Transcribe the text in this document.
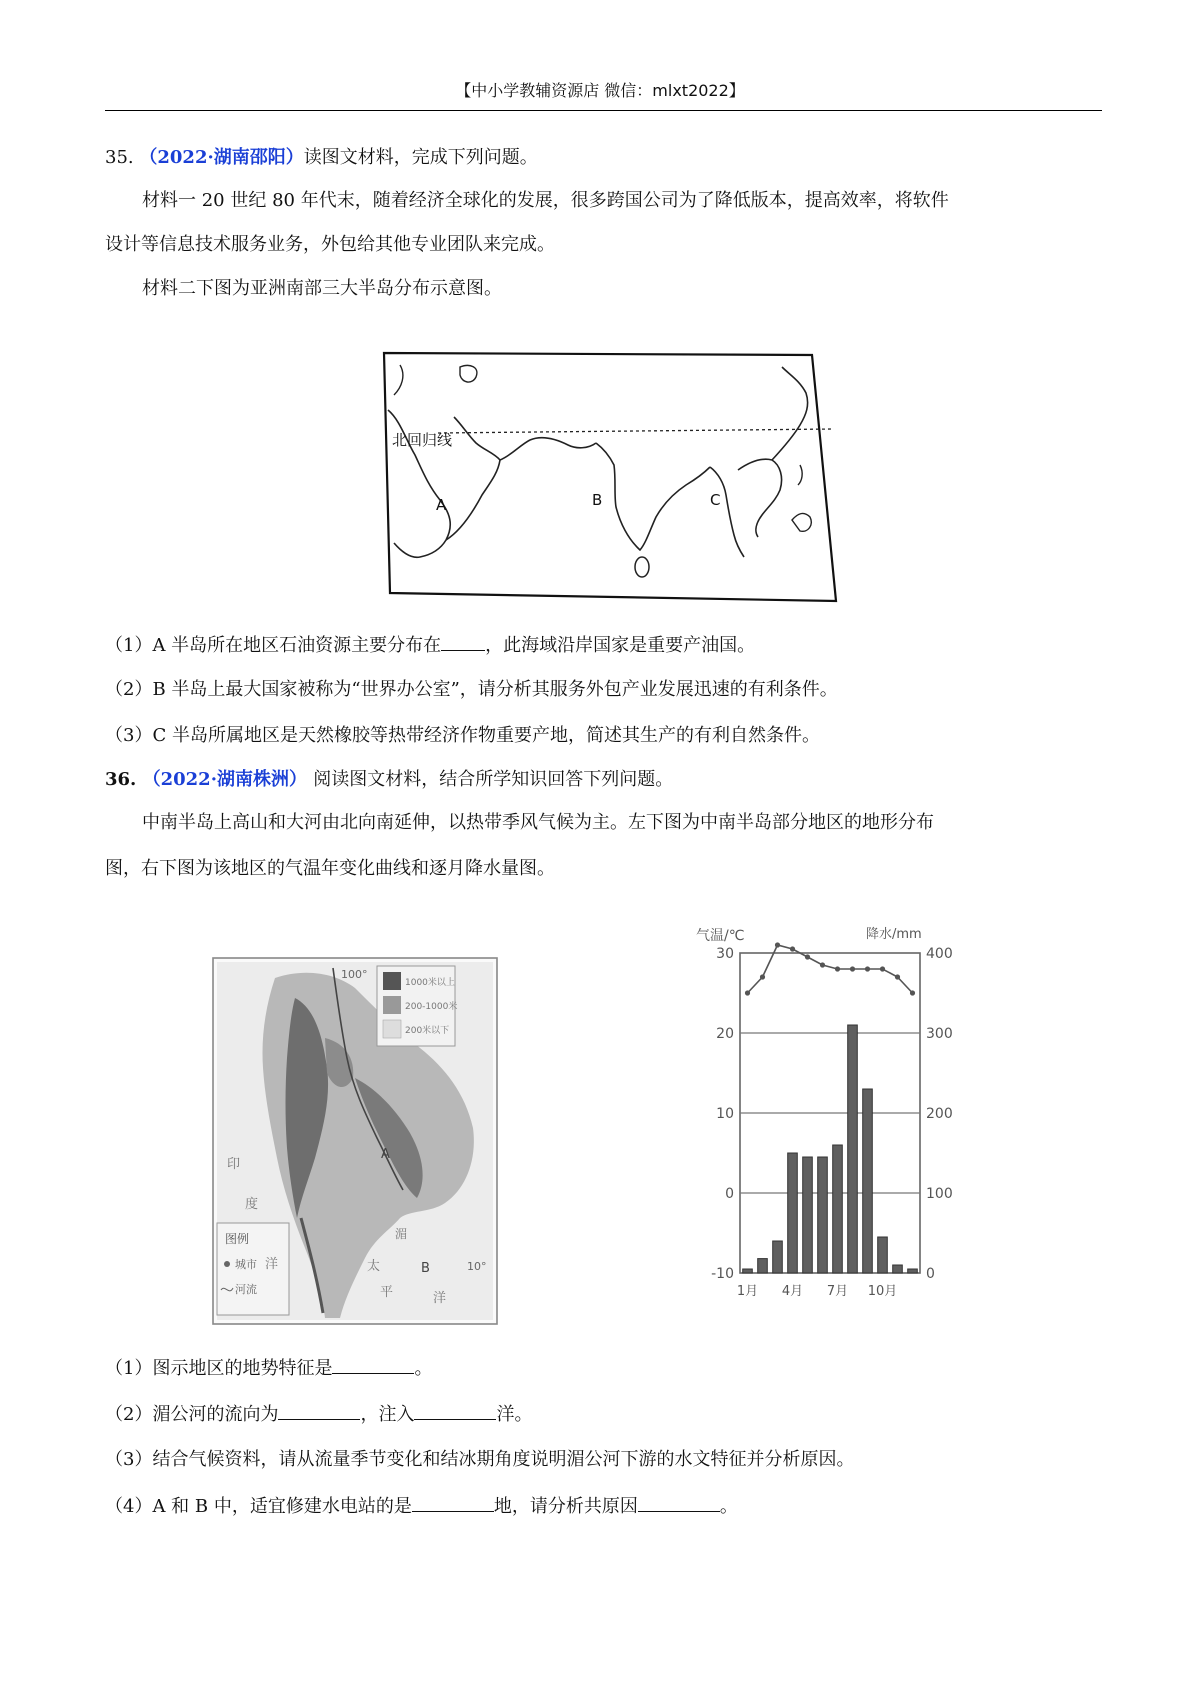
【中小学教辅资源店 微信：mlxt2022】
35. （2022·湖南邵阳）读图文材料，完成下列问题。
材料一 20 世纪 80 年代末，随着经济全球化的发展，很多跨国公司为了降低版本，提高效率，将软件
设计等信息技术服务业务，外包给其他专业团队来完成。
材料二下图为亚洲南部三大半岛分布示意图。
北回归线
A	B	C
（1）A 半岛所在地区石油资源主要分布在 ，此海域沿岸国家是重要产油国。
（2）B 半岛上最大国家被称为“世界办公室”，请分析其服务外包产业发展迅速的有利条件。
（3）C 半岛所属地区是天然橡胶等热带经济作物重要产地，简述其生产的有利自然条件。
36. （2022·湖南株洲） 阅读图文材料，结合所学知识回答下列问题。
中南半岛上高山和大河由北向南延伸，以热带季风气候为主。左下图为中南半岛部分地区的地形分布
图，右下图为该地区的气温年变化曲线和逐月降水量图。
1000米以上
200-1000米
200米以下
100°
10°
图例
城市
河流
印
度
洋	太
平	洋
湄
A
B
气温/℃	降水/mm
30
20
10
0
-10
400
300
200
100
0
1月 4月 7月 10月
（1）图示地区的地势特征是	。
（2）湄公河的流向为	，注入	洋。
（3）结合气候资料，请从流量季节变化和结冰期角度说明湄公河下游的水文特征并分析原因。
（4）A 和 B 中，适宜修建水电站的是	地，请分析共原因	。
